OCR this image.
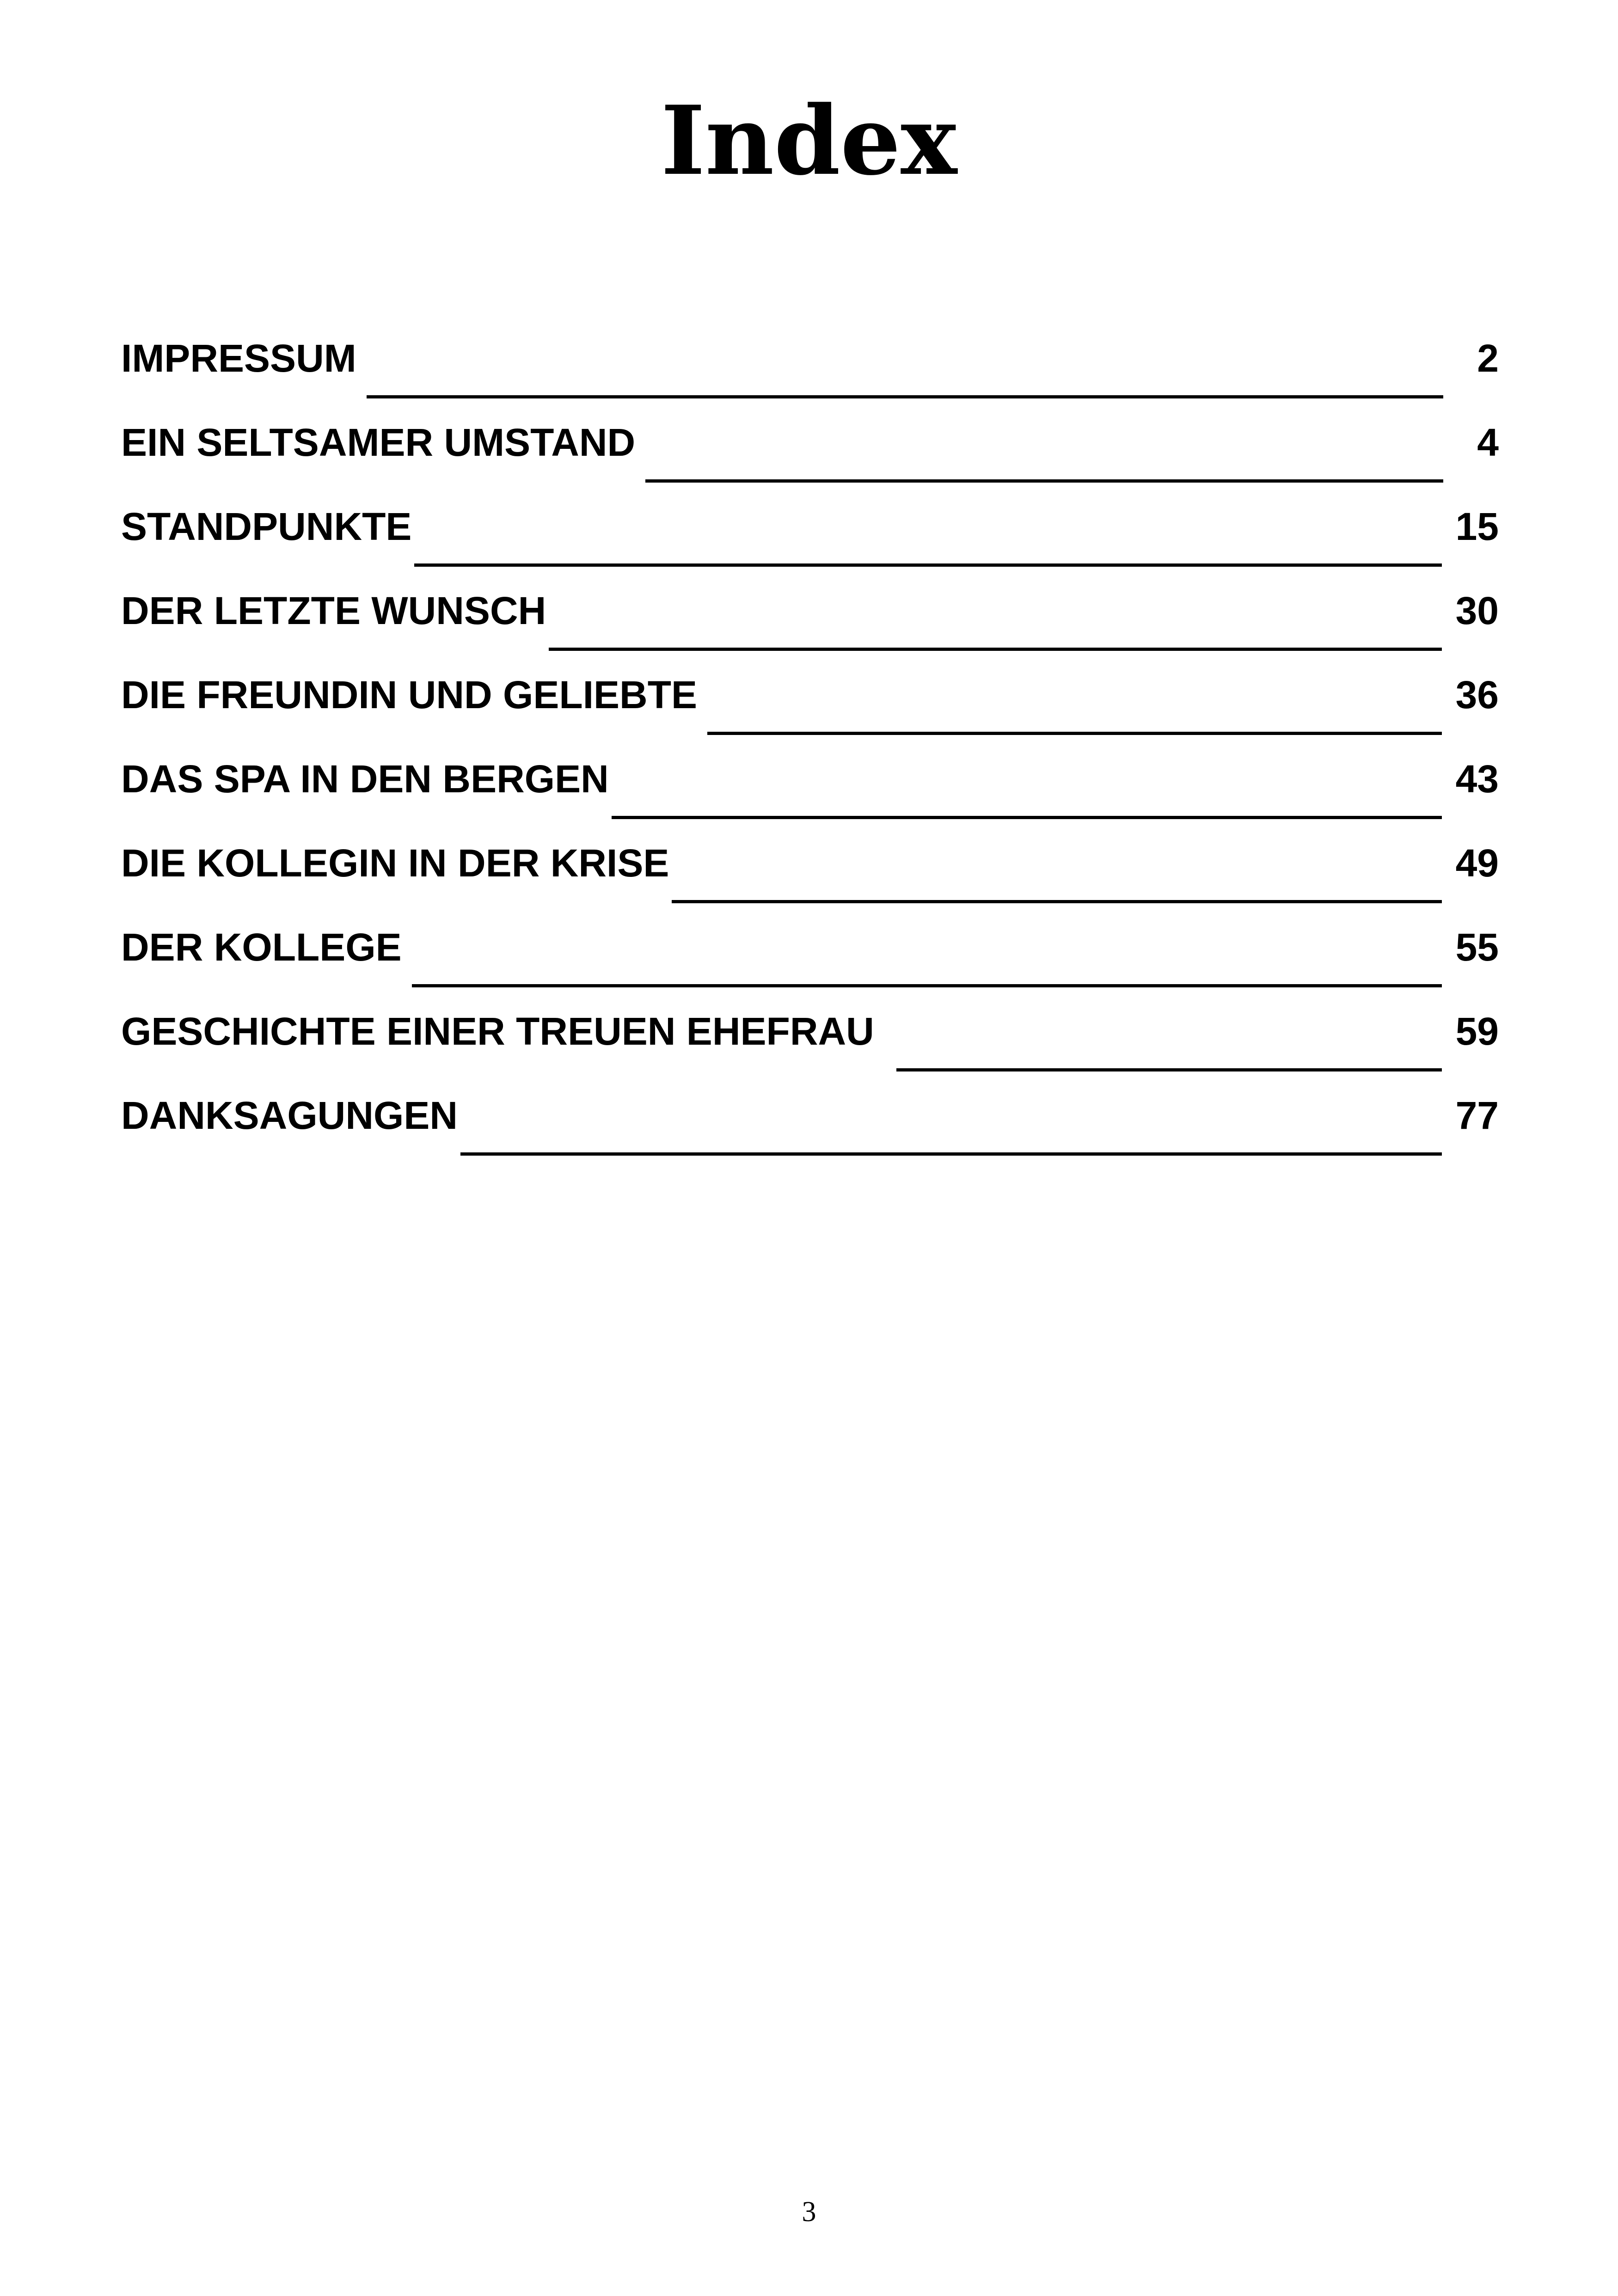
Index
IMPRESSUM	2
EIN SELTSAMER UMSTAND	4
STANDPUNKTE	15
DER LETZTE WUNSCH	30
DIE FREUNDIN UND GELIEBTE	36
DAS SPA IN DEN BERGEN	43
DIE KOLLEGIN IN DER KRISE	49
DER KOLLEGE	55
GESCHICHTE EINER TREUEN EHEFRAU	59
DANKSAGUNGEN	77
3
